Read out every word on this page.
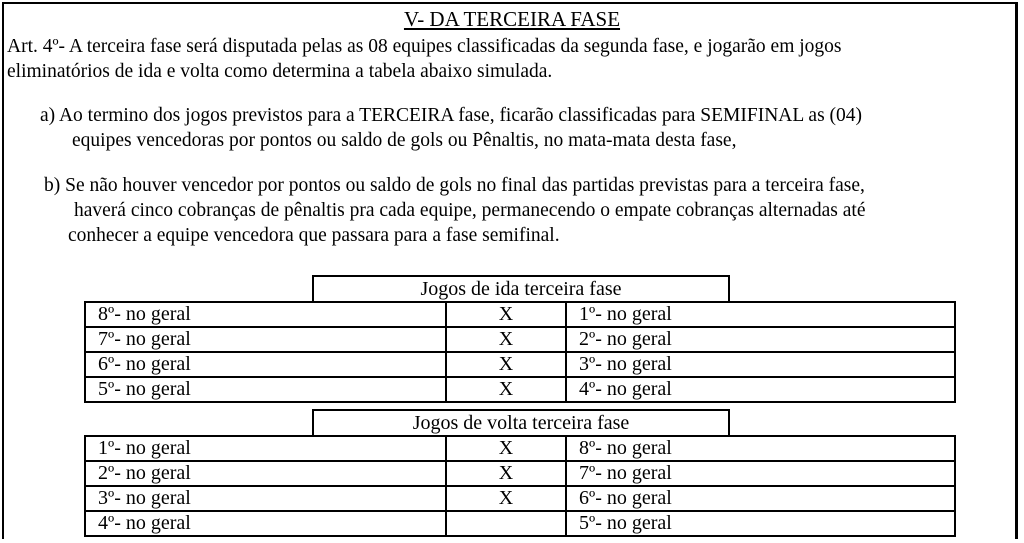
V- DA TERCEIRA FASE
Art. 4º- A terceira fase será disputada pelas as 08 equipes classificadas da segunda fase, e jogarão em jogos
eliminatórios de ida e volta como determina a tabela abaixo simulada.
a) Ao termino dos jogos previstos para a TERCEIRA fase, ficarão classificadas para SEMIFINAL as (04)
equipes vencedoras por pontos ou saldo de gols ou Pênaltis, no mata-mata desta fase,
b) Se não houver vencedor por pontos ou saldo de gols no final das partidas previstas para a terceira fase,
haverá cinco cobranças de pênaltis pra cada equipe, permanecendo o empate cobranças alternadas até
conhecer a equipe vencedora que passara para a fase semifinal.
Jogos de ida terceira fase
8º- no geral	X	1º- no geral
7º- no geral	X	2º- no geral
6º- no geral	X	3º- no geral
5º- no geral	X	4º- no geral
Jogos de volta terceira fase
1º- no geral	X	8º- no geral
2º- no geral	X	7º- no geral
3º- no geral	X	6º- no geral
4º- no geral		5º- no geral
